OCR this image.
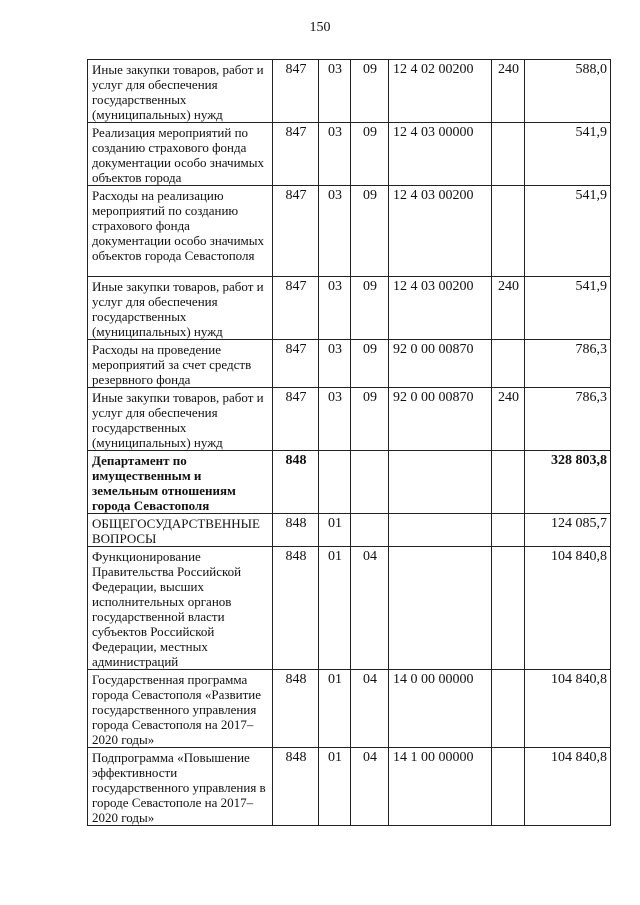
150
Иные закупки товаров, работ и услуг для обеспечения государственных (муниципальных) нужд	847	03	09	12 4 02 00200	240	588,0
Реализация мероприятий по созданию страхового фонда документации особо значимых объектов города	847	03	09	12 4 03 00000		541,9
Расходы на реализацию мероприятий по созданию страхового фонда документации особо значимых объектов города Севастополя	847	03	09	12 4 03 00200		541,9
Иные закупки товаров, работ и услуг для обеспечения государственных (муниципальных) нужд	847	03	09	12 4 03 00200	240	541,9
Расходы на проведение мероприятий за счет средств резервного фонда	847	03	09	92 0 00 00870		786,3
Иные закупки товаров, работ и услуг для обеспечения государственных (муниципальных) нужд	847	03	09	92 0 00 00870	240	786,3
Департамент по имущественным и земельным отношениям города Севастополя	848					328 803,8
ОБЩЕГОСУДАРСТВЕННЫЕ ВОПРОСЫ	848	01				124 085,7
Функционирование Правительства Российской Федерации, высших исполнительных органов государственной власти субъектов Российской Федерации, местных администраций	848	01	04			104 840,8
Государственная программа города Севастополя «Развитие государственного управления города Севастополя на 2017–2020 годы»	848	01	04	14 0 00 00000		104 840,8
Подпрограмма «Повышение эффективности государственного управления в городе Севастополе на 2017–2020 годы»	848	01	04	14 1 00 00000		104 840,8
